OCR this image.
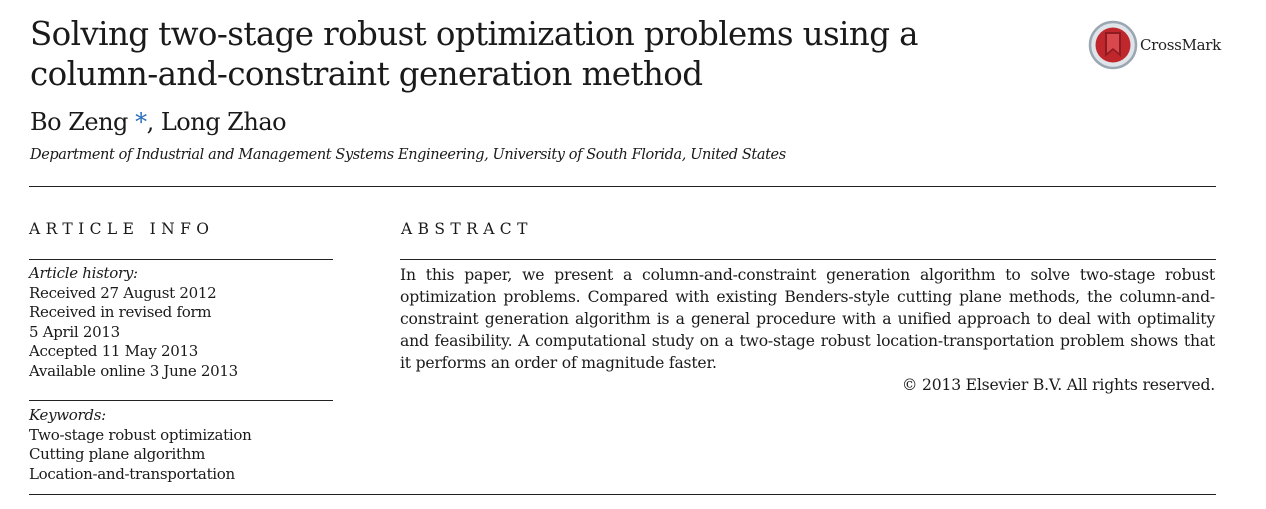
Solving two-stage robust optimization problems using a
column-and-constraint generation method
Bo Zeng *, Long Zhao
Department of Industrial and Management Systems Engineering, University of South Florida, United States
CrossMark
ARTICLE INFO
Article history:
Received 27 August 2012
Received in revised form
5 April 2013
Accepted 11 May 2013
Available online 3 June 2013
Keywords:
Two-stage robust optimization
Cutting plane algorithm
Location-and-transportation
ABSTRACT
In this paper, we present a column-and-constraint generation algorithm to solve two-stage robust optimization problems. Compared with existing Benders-style cutting plane methods, the column-and-constraint generation algorithm is a general procedure with a unified approach to deal with optimality and feasibility. A computational study on a two-stage robust location-transportation problem shows that it performs an order of magnitude faster.
© 2013 Elsevier B.V. All rights reserved.
